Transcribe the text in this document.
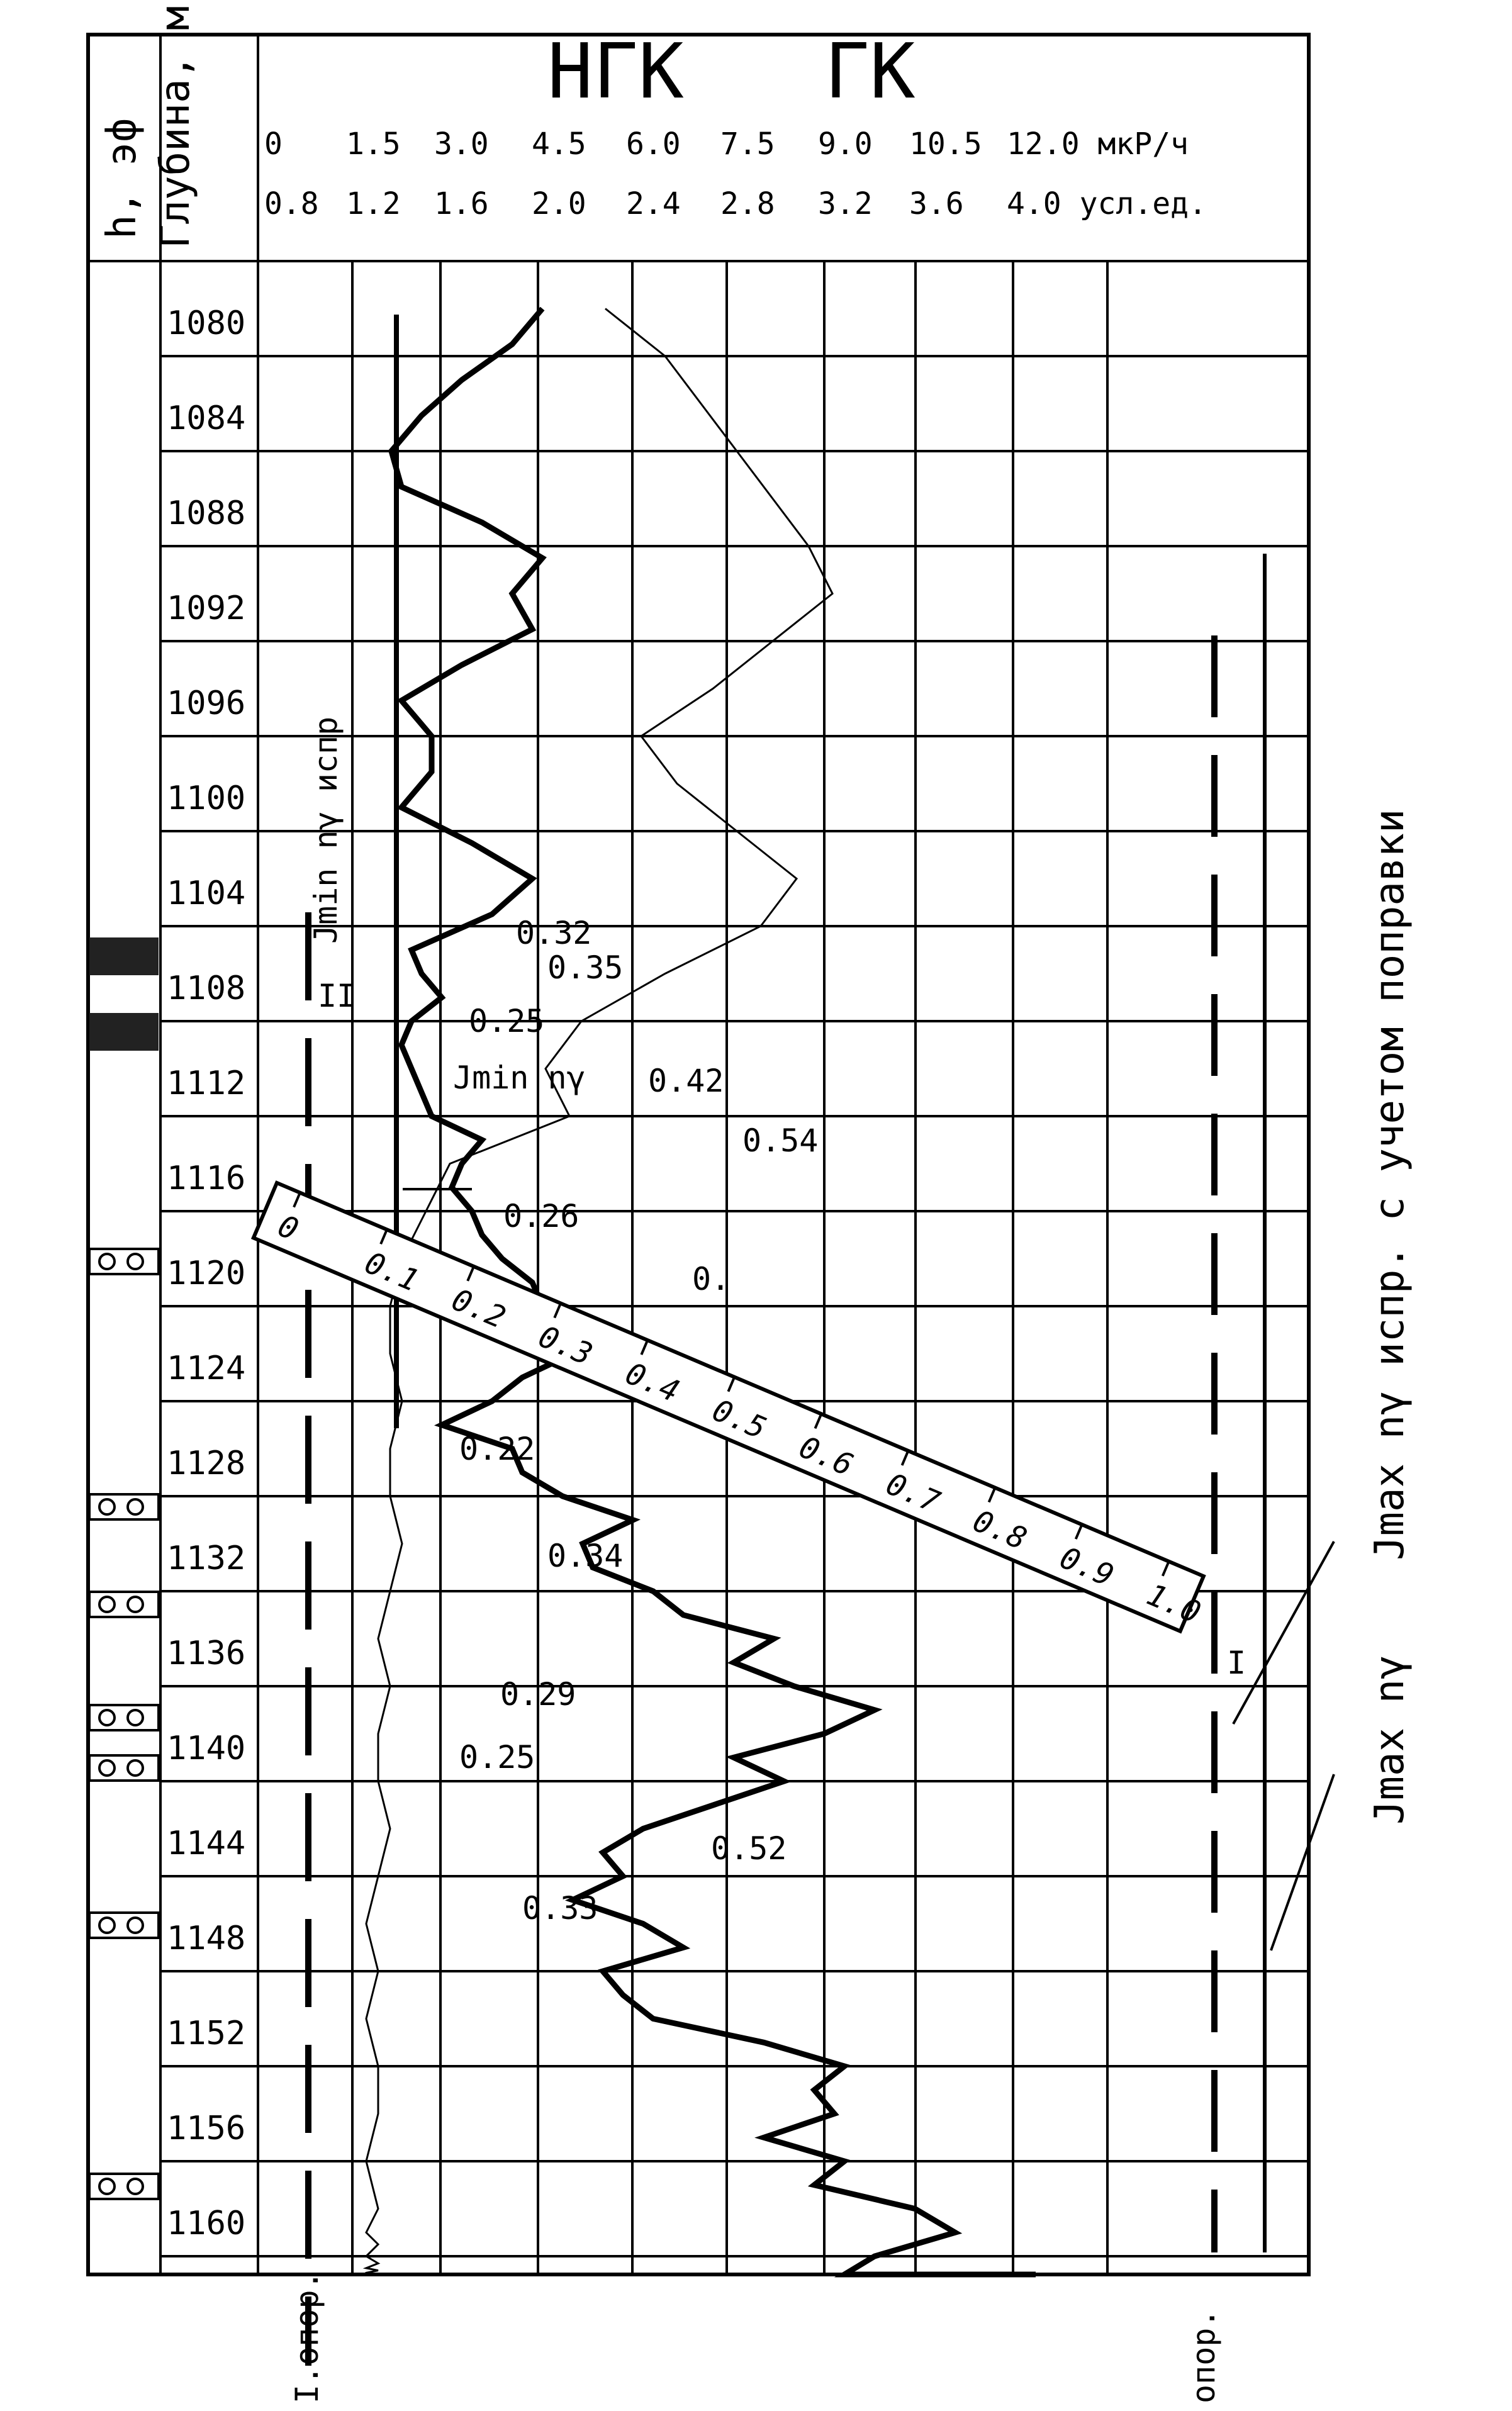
h, эф Глубина, м	НГК ГК
0 1.5 3.0 4.5 6.0 7.5 9.0 10.5 12.0 мкР/ч
0.8 1.2 1.6 2.0 2.4 2.8 3.2 3.6 4.0 усл.ед.
1080
1084
1088
1092
1096
1100
1104
1108
1112
1116
1120
1124
1128
1132
1136
1140
1144
1148
1152
1156
1160
0
0.1
0.2
0.3
0.4
0.5
0.6
0.7
0.8
0.9
1.0
0.32
0.35
0.25
0.42
0.54
0.26
0.
0.22
0.34
0.29
0.25
0.52
0.33
Jmin nγ испр
Jmin nγ
II
I
Jmax nγ испр. с учетом поправки
Jmax nγ
I.опор.	опор.
